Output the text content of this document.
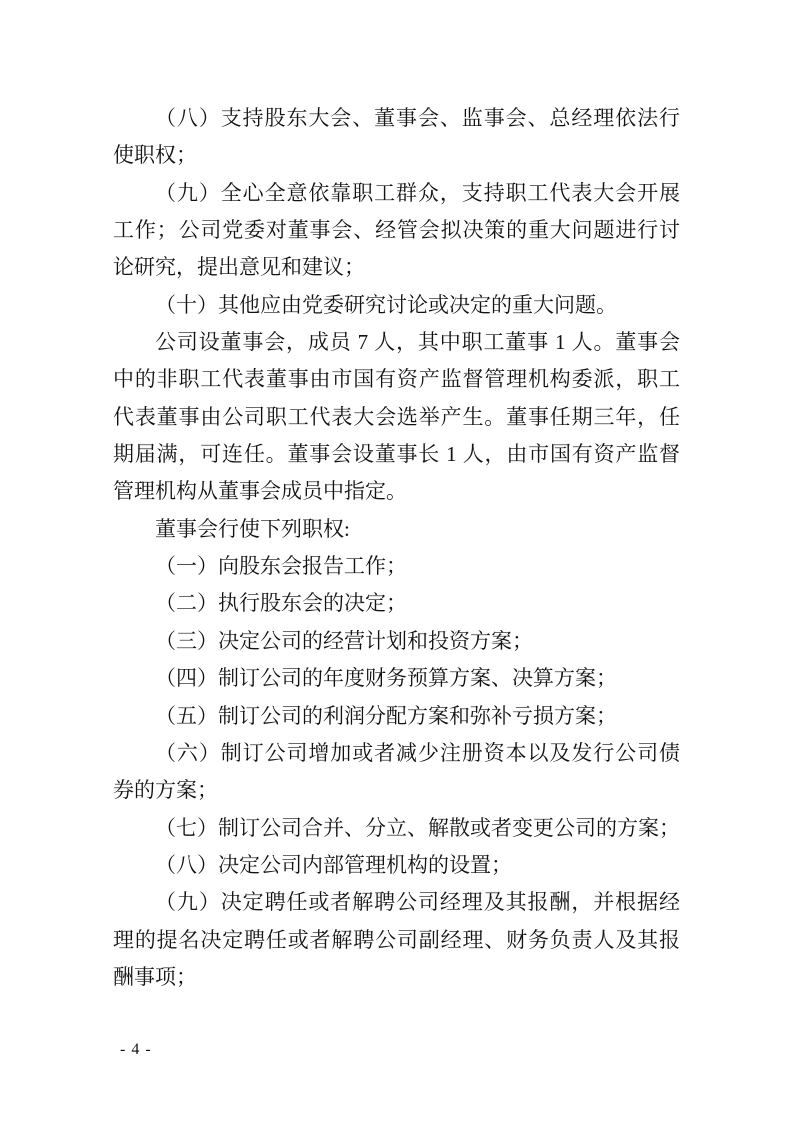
（八）支持股东大会、董事会、监事会、总经理依法行
使职权；
（九）全心全意依靠职工群众，支持职工代表大会开展
工作；公司党委对董事会、经管会拟决策的重大问题进行讨
论研究，提出意见和建议；
（十）其他应由党委研究讨论或决定的重大问题。
公司设董事会，成员 7 人，其中职工董事 1 人。董事会
中的非职工代表董事由市国有资产监督管理机构委派，职工
代表董事由公司职工代表大会选举产生。董事任期三年，任
期届满，可连任。董事会设董事长 1 人，由市国有资产监督
管理机构从董事会成员中指定。
董事会行使下列职权:
（一）向股东会报告工作；
（二）执行股东会的决定；
（三）决定公司的经营计划和投资方案；
（四）制订公司的年度财务预算方案、决算方案；
（五）制订公司的利润分配方案和弥补亏损方案；
（六）制订公司增加或者减少注册资本以及发行公司债
券的方案；
（七）制订公司合并、分立、解散或者变更公司的方案；
（八）决定公司内部管理机构的设置；
（九）决定聘任或者解聘公司经理及其报酬，并根据经
理的提名决定聘任或者解聘公司副经理、财务负责人及其报
酬事项；
- 4 -
